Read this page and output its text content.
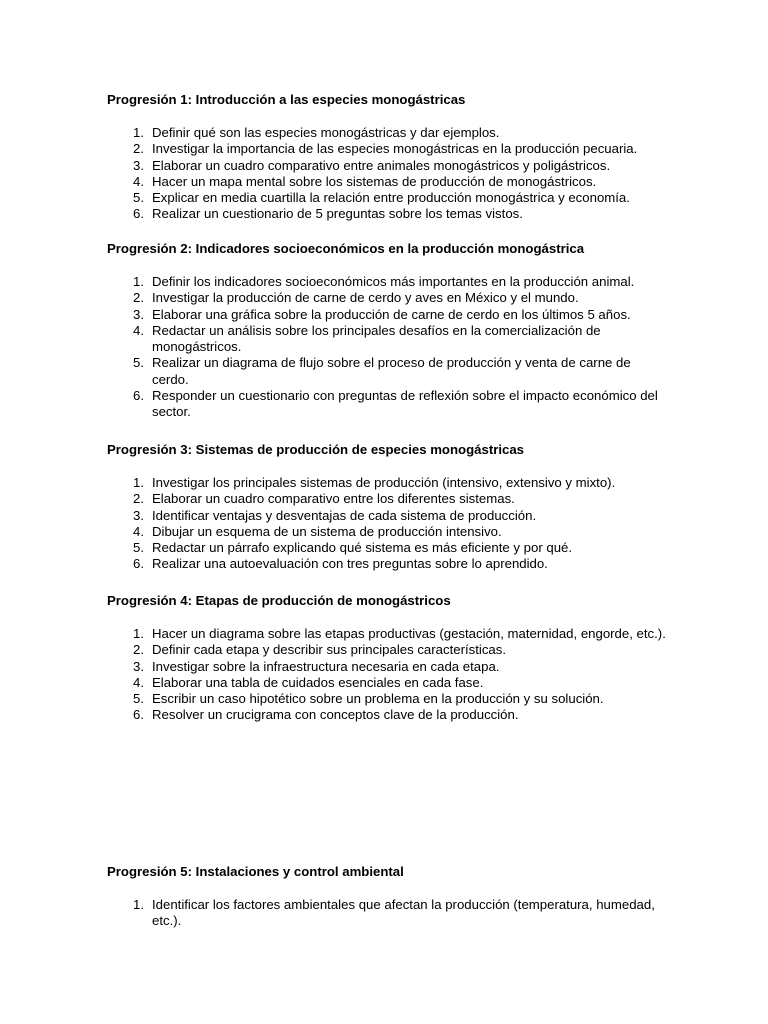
Progresión 1: Introducción a las especies monogástricas
1. Definir qué son las especies monogástricas y dar ejemplos.
2. Investigar la importancia de las especies monogástricas en la producción pecuaria.
3. Elaborar un cuadro comparativo entre animales monogástricos y poligástricos.
4. Hacer un mapa mental sobre los sistemas de producción de monogástricos.
5. Explicar en media cuartilla la relación entre producción monogástrica y economía.
6. Realizar un cuestionario de 5 preguntas sobre los temas vistos.
Progresión 2: Indicadores socioeconómicos en la producción monogástrica
1. Definir los indicadores socioeconómicos más importantes en la producción animal.
2. Investigar la producción de carne de cerdo y aves en México y el mundo.
3. Elaborar una gráfica sobre la producción de carne de cerdo en los últimos 5 años.
4. Redactar un análisis sobre los principales desafíos en la comercialización de monogástricos.
5. Realizar un diagrama de flujo sobre el proceso de producción y venta de carne de cerdo.
6. Responder un cuestionario con preguntas de reflexión sobre el impacto económico del sector.
Progresión 3: Sistemas de producción de especies monogástricas
1. Investigar los principales sistemas de producción (intensivo, extensivo y mixto).
2. Elaborar un cuadro comparativo entre los diferentes sistemas.
3. Identificar ventajas y desventajas de cada sistema de producción.
4. Dibujar un esquema de un sistema de producción intensivo.
5. Redactar un párrafo explicando qué sistema es más eficiente y por qué.
6. Realizar una autoevaluación con tres preguntas sobre lo aprendido.
Progresión 4: Etapas de producción de monogástricos
1. Hacer un diagrama sobre las etapas productivas (gestación, maternidad, engorde, etc.).
2. Definir cada etapa y describir sus principales características.
3. Investigar sobre la infraestructura necesaria en cada etapa.
4. Elaborar una tabla de cuidados esenciales en cada fase.
5. Escribir un caso hipotético sobre un problema en la producción y su solución.
6. Resolver un crucigrama con conceptos clave de la producción.
Progresión 5: Instalaciones y control ambiental
1. Identificar los factores ambientales que afectan la producción (temperatura, humedad, etc.).
